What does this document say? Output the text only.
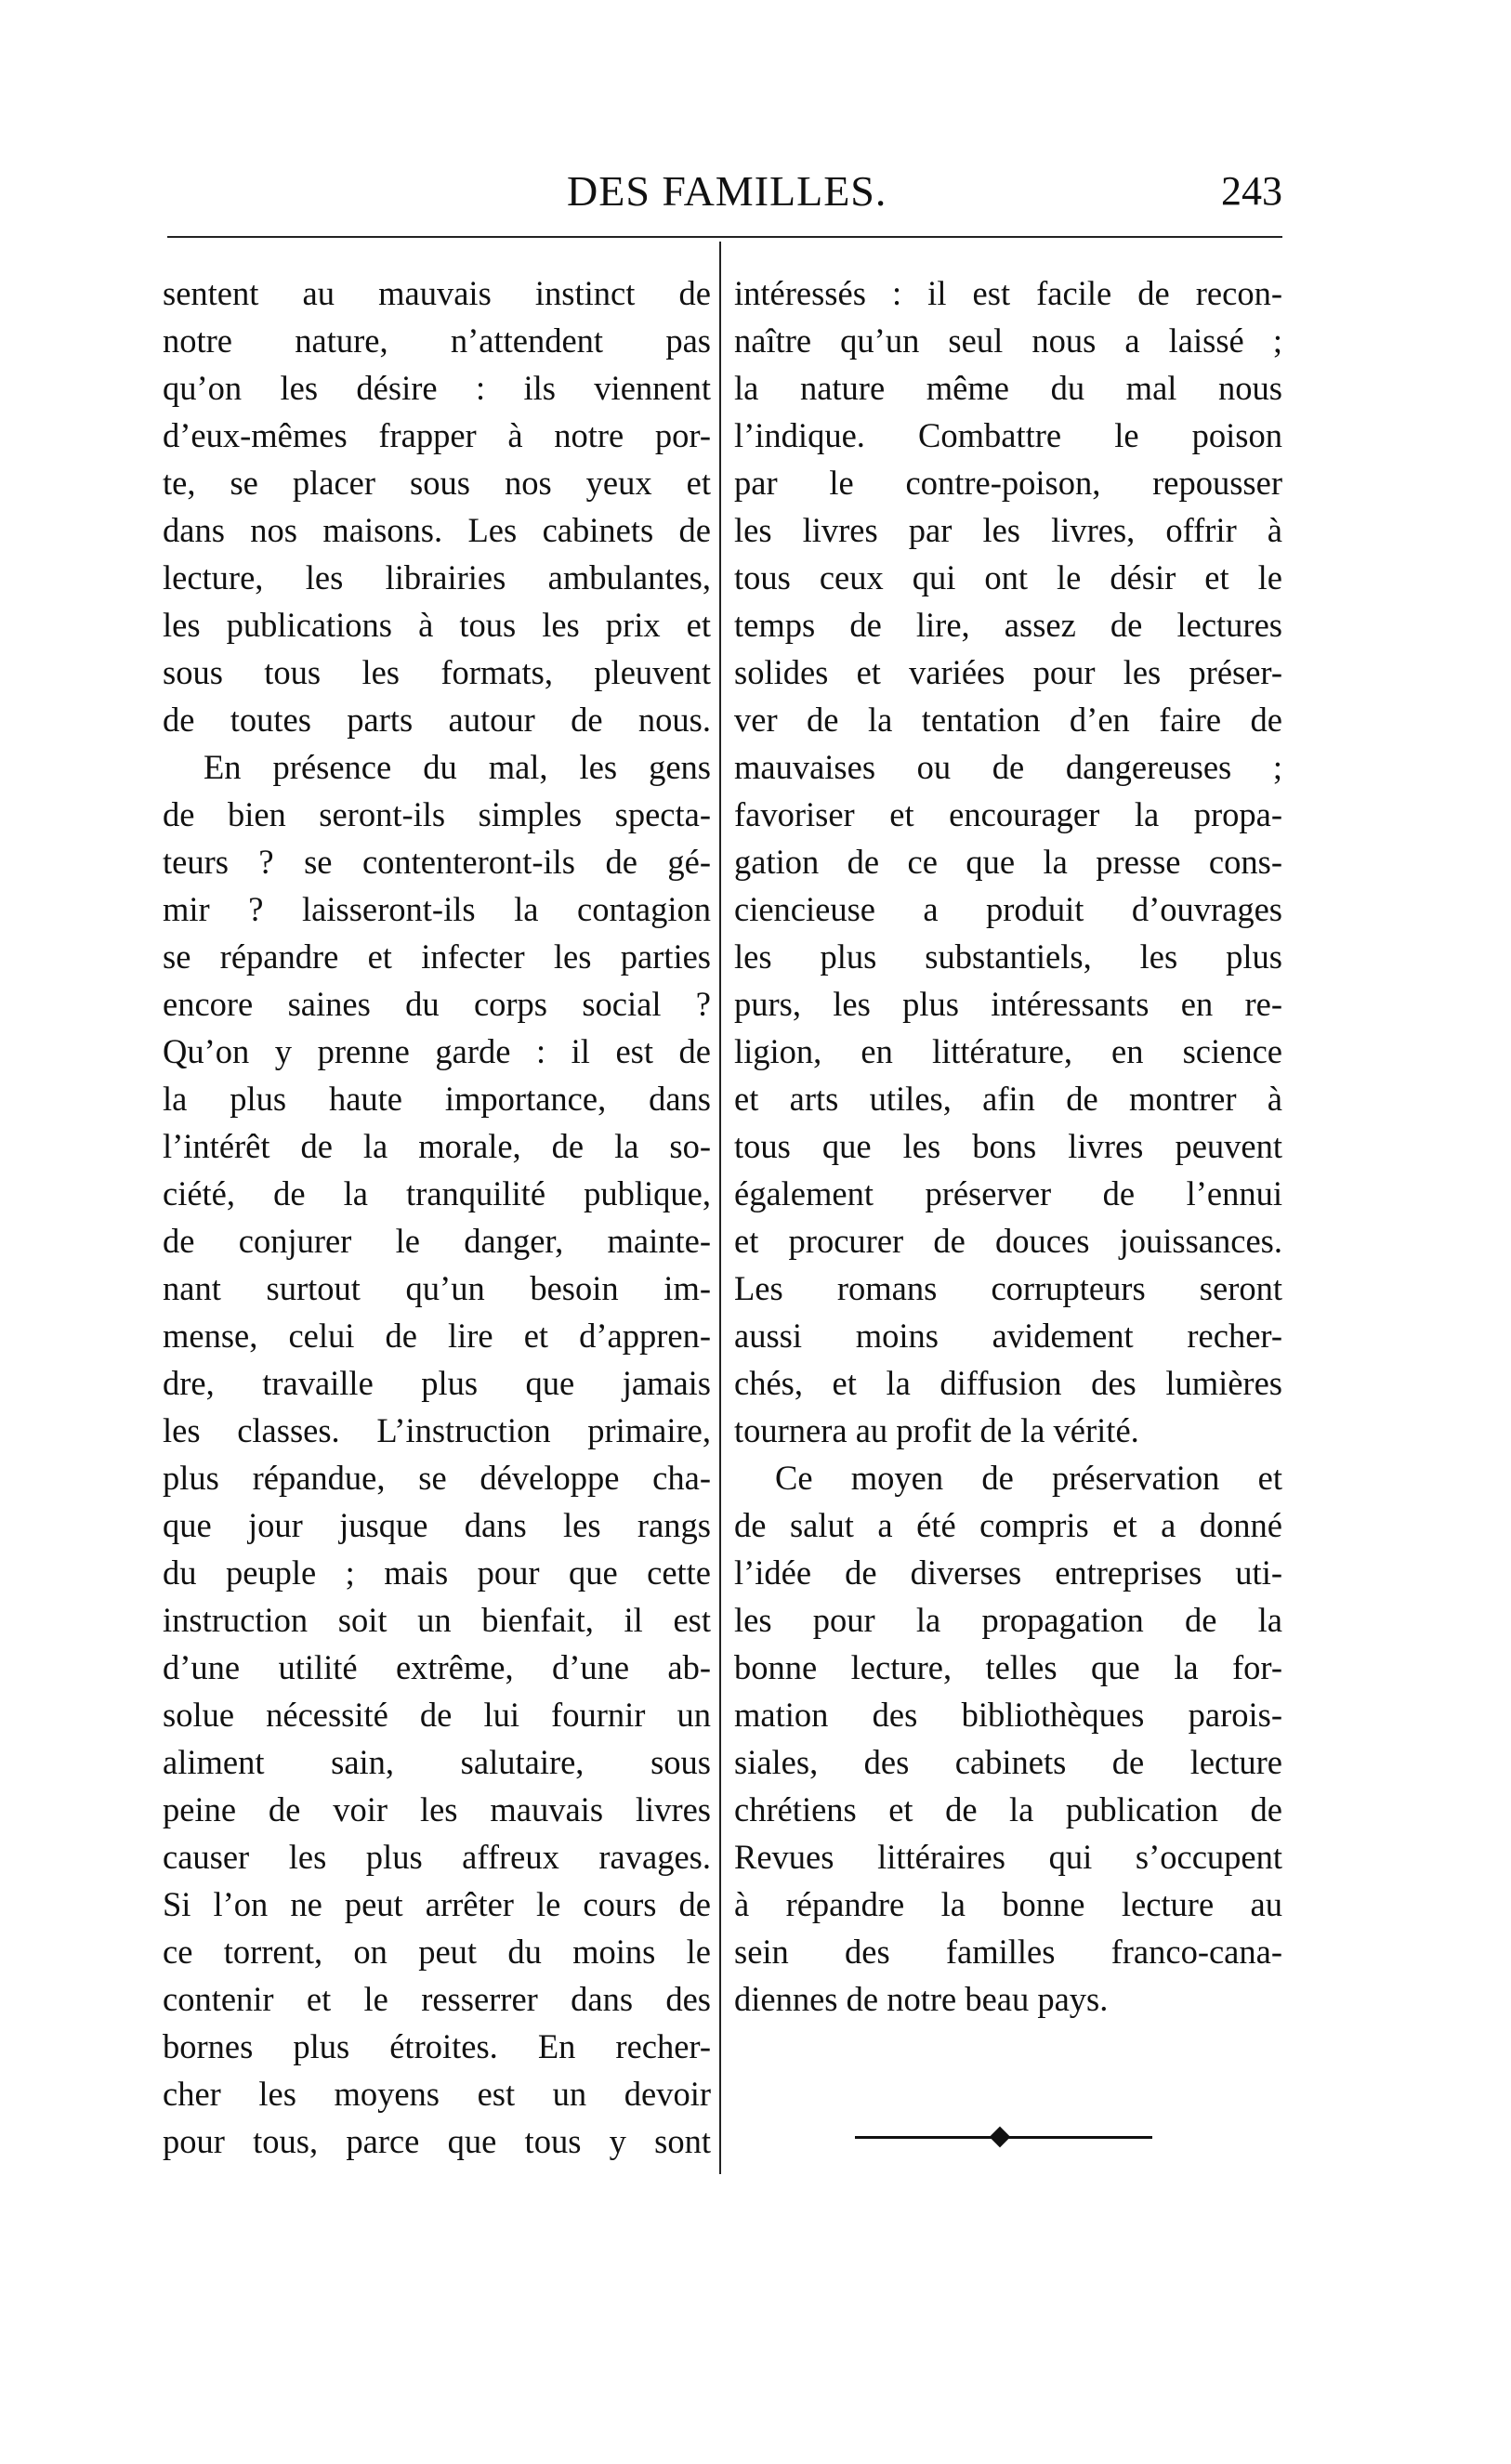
DES FAMILLES.	243
sentent au mauvais instinct de
notre nature, n’attendent pas
qu’on les désire : ils viennent
d’eux-mêmes frapper à notre por-
te, se placer sous nos yeux et
dans nos maisons. Les cabinets de
lecture, les librairies ambulantes,
les publications à tous les prix et
sous tous les formats, pleuvent
de toutes parts autour de nous.
En présence du mal, les gens
de bien seront-ils simples specta-
teurs ? se contenteront-ils de gé-
mir ? laisseront-ils la contagion
se répandre et infecter les parties
encore saines du corps social ?
Qu’on y prenne garde : il est de
la plus haute importance, dans
l’intérêt de la morale, de la so-
ciété, de la tranquilité publique,
de conjurer le danger, mainte-
nant surtout qu’un besoin im-
mense, celui de lire et d’appren-
dre, travaille plus que jamais
les classes. L’instruction primaire,
plus répandue, se développe cha-
que jour jusque dans les rangs
du peuple ; mais pour que cette
instruction soit un bienfait, il est
d’une utilité extrême, d’une ab-
solue nécessité de lui fournir un
aliment sain, salutaire, sous
peine de voir les mauvais livres
causer les plus affreux ravages.
Si l’on ne peut arrêter le cours de
ce torrent, on peut du moins le
contenir et le resserrer dans des
bornes plus étroites. En recher-
cher les moyens est un devoir
pour tous, parce que tous y sont
intéressés : il est facile de recon-
naître qu’un seul nous a laissé ;
la nature même du mal nous
l’indique. Combattre le poison
par le contre-poison, repousser
les livres par les livres, offrir à
tous ceux qui ont le désir et le
temps de lire, assez de lectures
solides et variées pour les préser-
ver de la tentation d’en faire de
mauvaises ou de dangereuses ;
favoriser et encourager la propa-
gation de ce que la presse cons-
ciencieuse a produit d’ouvrages
les plus substantiels, les plus
purs, les plus intéressants en re-
ligion, en littérature, en science
et arts utiles, afin de montrer à
tous que les bons livres peuvent
également préserver de l’ennui
et procurer de douces jouissances.
Les romans corrupteurs seront
aussi moins avidement recher-
chés, et la diffusion des lumières
tournera au profit de la vérité.
Ce moyen de préservation et
de salut a été compris et a donné
l’idée de diverses entreprises uti-
les pour la propagation de la
bonne lecture, telles que la for-
mation des bibliothèques parois-
siales, des cabinets de lecture
chrétiens et de la publication de
Revues littéraires qui s’occupent
à répandre la bonne lecture au
sein des familles franco-cana-
diennes de notre beau pays.
